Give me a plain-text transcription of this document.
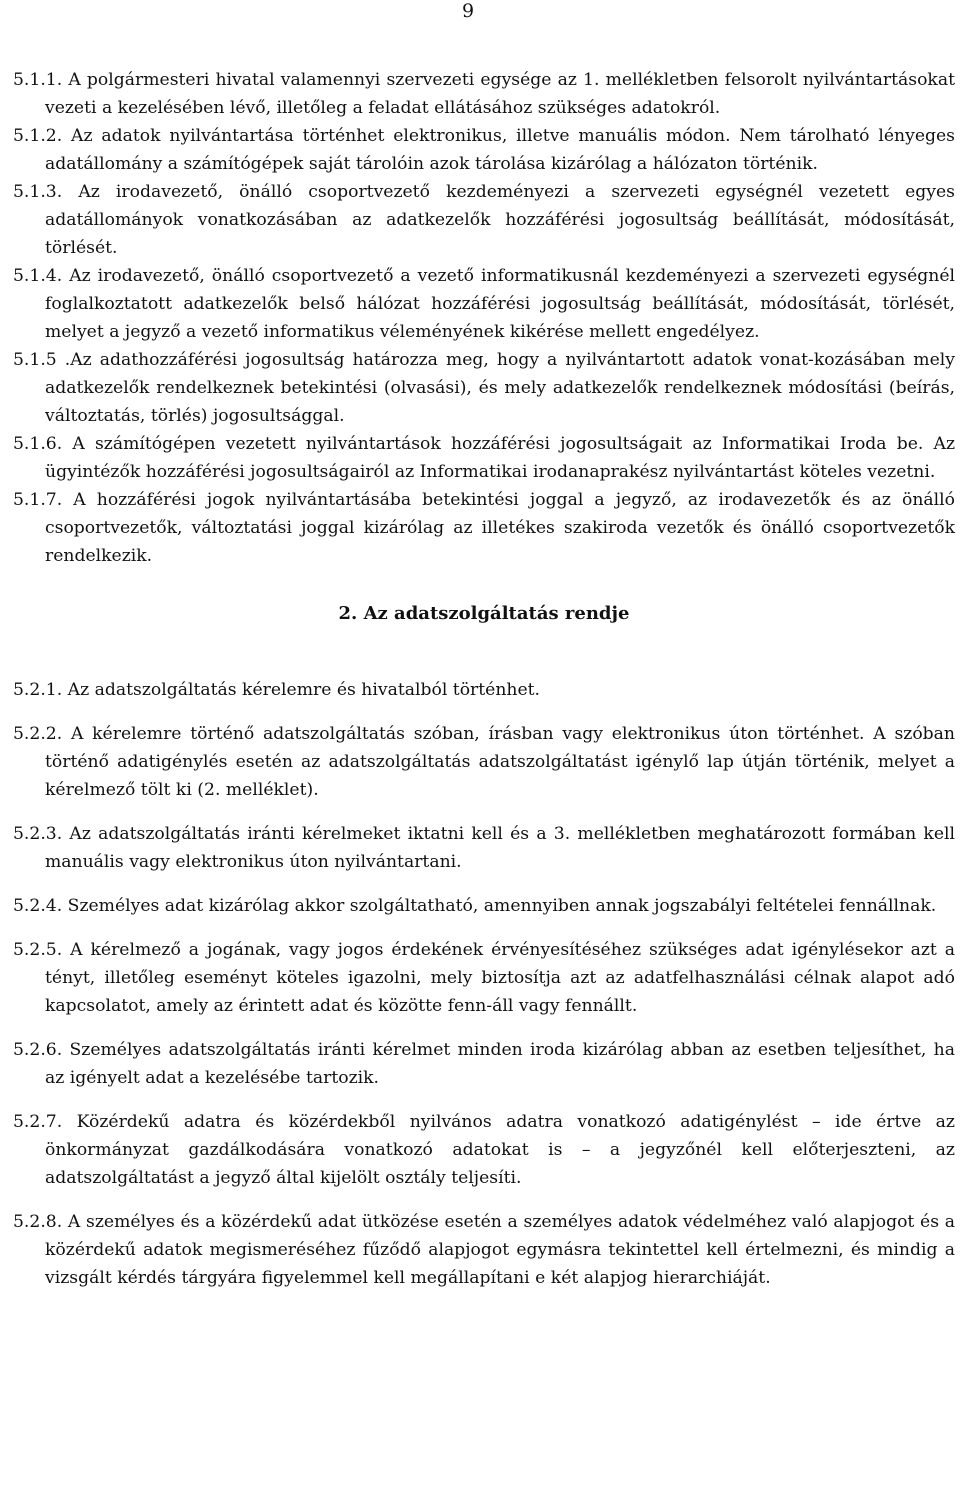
9

5.1.1. A polgármesteri hivatal valamennyi szervezeti egysége az 1. mellékletben felsorolt nyilvántartásokat vezeti a kezelésében lévő, illetőleg a feladat ellátásához szükséges adatokról.

5.1.2. Az adatok nyilvántartása történhet elektronikus, illetve manuális módon. Nem tárolható lényeges adatállomány a számítógépek saját tárolóin azok tárolása kizárólag a hálózaton történik.

5.1.3. Az irodavezető, önálló csoportvezető kezdeményezi a szervezeti egységnél vezetett egyes adatállományok vonatkozásában az adatkezelők hozzáférési jogosultság beállítását, módosítását, törlését.

5.1.4. Az irodavezető, önálló csoportvezető a vezető informatikusnál kezdeményezi a szervezeti egységnél foglalkoztatott adatkezelők belső hálózat hozzáférési jogosultság beállítását, módosítását, törlését, melyet a jegyző a vezető informatikus véleményének kikérése mellett engedélyez.

5.1.5 .Az adathozzáférési jogosultság határozza meg, hogy a nyilvántartott adatok vonat-kozásában mely adatkezelők rendelkeznek betekintési (olvasási), és mely adatkezelők rendelkeznek módosítási (beírás, változtatás, törlés) jogosultsággal.

5.1.6. A számítógépen vezetett nyilvántartások hozzáférési jogosultságait az Informatikai Iroda be. Az ügyintézők hozzáférési jogosultságairól az Informatikai irodanaprakész nyilvántartást köteles vezetni.

5.1.7. A hozzáférési jogok nyilvántartásába betekintési joggal a jegyző, az irodavezetők és az önálló csoportvezetők, változtatási joggal kizárólag az illetékes szakiroda vezetők és önálló csoportvezetők rendelkezik.

2. Az adatszolgáltatás rendje

5.2.1. Az adatszolgáltatás kérelemre és hivatalból történhet.

5.2.2. A kérelemre történő adatszolgáltatás szóban, írásban vagy elektronikus úton történhet. A szóban történő adatigénylés esetén az adatszolgáltatás adatszolgáltatást igénylő lap útján történik, melyet a kérelmező tölt ki (2. melléklet).

5.2.3. Az adatszolgáltatás iránti kérelmeket iktatni kell és a 3. mellékletben meghatározott formában kell manuális vagy elektronikus úton nyilvántartani.

5.2.4. Személyes adat kizárólag akkor szolgáltatható, amennyiben annak jogszabályi feltételei fennállnak.

5.2.5. A kérelmező a jogának, vagy jogos érdekének érvényesítéséhez szükséges adat igénylésekor azt a tényt, illetőleg eseményt köteles igazolni, mely biztosítja azt az adatfelhasználási célnak alapot adó kapcsolatot, amely az érintett adat és közötte fenn-áll vagy fennállt.

5.2.6. Személyes adatszolgáltatás iránti kérelmet minden iroda kizárólag abban az esetben teljesíthet, ha az igényelt adat a kezelésébe tartozik.

5.2.7. Közérdekű adatra és közérdekből nyilvános adatra vonatkozó adatigénylést – ide értve az önkormányzat gazdálkodására vonatkozó adatokat is – a jegyzőnél kell előterjeszteni, az adatszolgáltatást a jegyző által kijelölt osztály teljesíti.

5.2.8. A személyes és a közérdekű adat ütközése esetén a személyes adatok védelméhez való alapjogot és a közérdekű adatok megismeréséhez fűződő alapjogot egymásra tekintettel kell értelmezni, és mindig a vizsgált kérdés tárgyára figyelemmel kell megállapítani e két alapjog hierarchiáját.
